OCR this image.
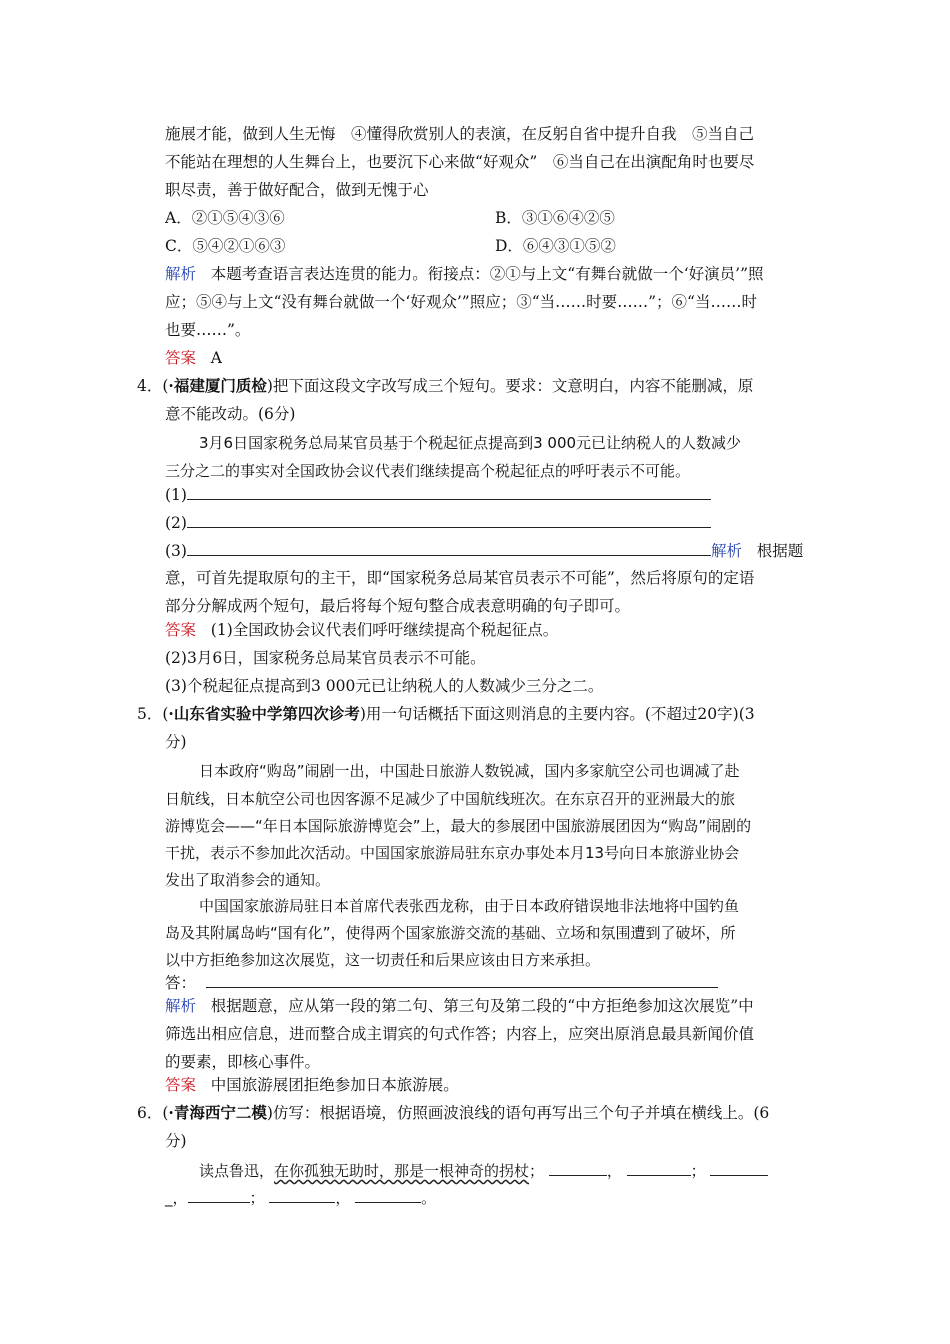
施展才能，做到人生无悔　④懂得欣赏别人的表演，在反躬自省中提升自我　⑤当自己
不能站在理想的人生舞台上，也要沉下心来做“好观众”　⑥当自己在出演配角时也要尽
职尽责，善于做好配合，做到无愧于心
A．②①⑤④③⑥	B．③①⑥④②⑤
C．⑤④②①⑥③	D．⑥④③①⑤②
解析 本题考查语言表达连贯的能力。衔接点：②①与上文“有舞台就做一个‘好演员’”照
应；⑤④与上文“没有舞台就做一个‘好观众’”照应；③“当……时要……”；⑥“当……时
也要……”。
答案 A
4．(·福建厦门质检)把下面这段文字改写成三个短句。要求：文意明白，内容不能删减，原
意不能改动。(6分)
3月6日国家税务总局某官员基于个税起征点提高到3 000元已让纳税人的人数减少
三分之二的事实对全国政协会议代表们继续提高个税起征点的呼吁表示不可能。
(1)
(2)
(3)	解析 根据题
意，可首先提取原句的主干，即“国家税务总局某官员表示不可能”，然后将原句的定语
部分分解成两个短句，最后将每个短句整合成表意明确的句子即可。
答案 (1)全国政协会议代表们呼吁继续提高个税起征点。
(2)3月6日，国家税务总局某官员表示不可能。
(3)个税起征点提高到3 000元已让纳税人的人数减少三分之二。
5．(·山东省实验中学第四次诊考)用一句话概括下面这则消息的主要内容。(不超过20字)(3
分)
日本政府“购岛”闹剧一出，中国赴日旅游人数锐减，国内多家航空公司也调减了赴
日航线，日本航空公司也因客源不足减少了中国航线班次。在东京召开的亚洲最大的旅
游博览会——“年日本国际旅游博览会”上，最大的参展团中国旅游展团因为“购岛”闹剧的
干扰，表示不参加此次活动。中国国家旅游局驻东京办事处本月13号向日本旅游业协会
发出了取消参会的通知。
中国国家旅游局驻日本首席代表张西龙称，由于日本政府错误地非法地将中国钓鱼
岛及其附属岛屿“国有化”，使得两个国家旅游交流的基础、立场和氛围遭到了破坏，所
以中方拒绝参加这次展览，这一切责任和后果应该由日方来承担。
答：
解析 根据题意，应从第一段的第二句、第三句及第二段的“中方拒绝参加这次展览”中
筛选出相应信息，进而整合成主谓宾的句式作答；内容上，应突出原消息最具新闻价值
的要素，即核心事件。
答案 中国旅游展团拒绝参加日本旅游展。
6．(·青海西宁二模)仿写：根据语境，仿照画波浪线的语句再写出三个句子并填在横线上。(6
分)
读点鲁迅，在你孤独无助时，那是一根神奇的拐杖；	，	；
_，	；	，	。
